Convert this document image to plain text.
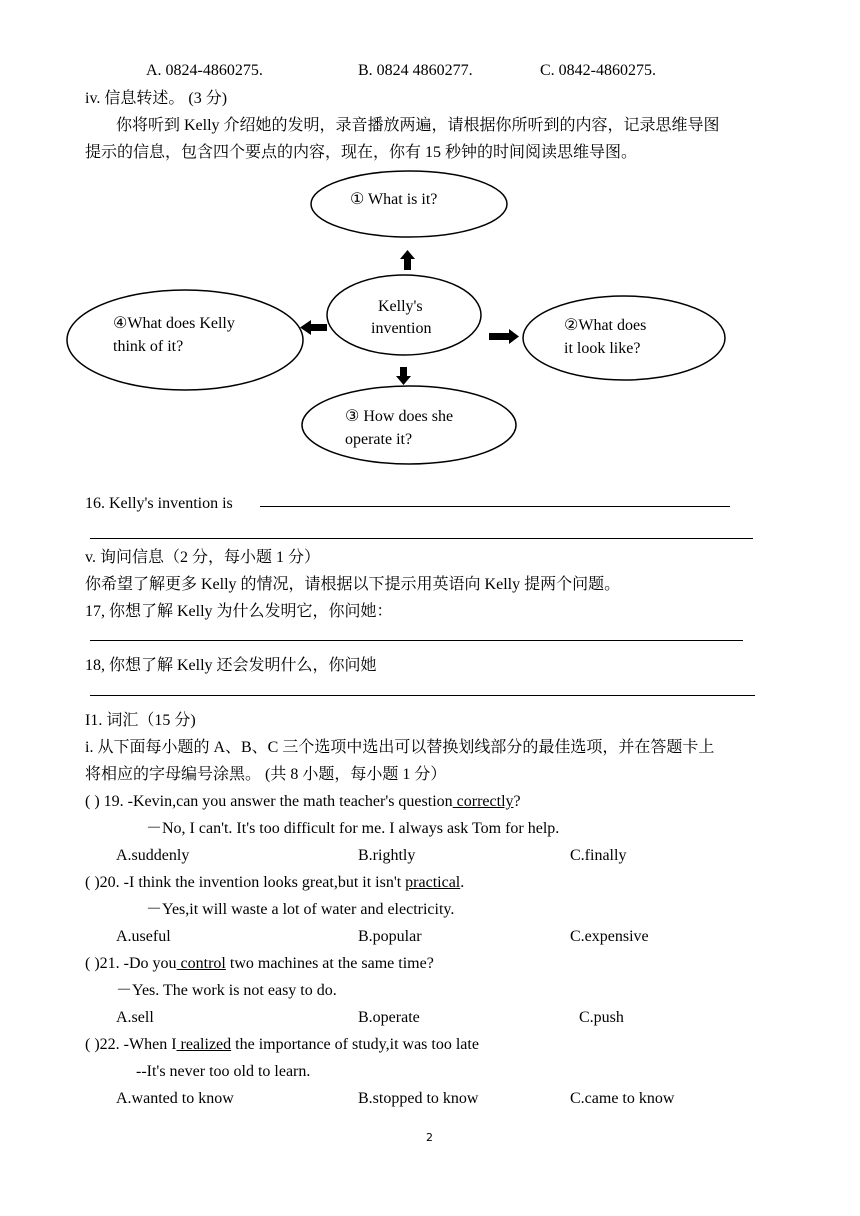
A. 0824-4860275.	B. 0824 4860277.	C. 0842-4860275.
iv. 信息转述。 (3 分)
你将听到 Kelly 介绍她的发明，录音播放两遍，请根据你所听到的内容，记录思维导图
提示的信息，包含四个要点的内容，现在，你有 15 秒钟的时间阅读思维导图。
① What is it?
Kelly's
invention
④What does Kelly
think of it?
②What does
it look like?
③ How does she
operate it?
16. Kelly's invention is
v. 询问信息（2 分，每小题 1 分）
你希望了解更多 Kelly 的情况，请根据以下提示用英语向 Kelly 提两个问题。
17, 你想了解 Kelly 为什么发明它，你问她：
18, 你想了解 Kelly 还会发明什么，你问她
I1. 词汇（15 分)
i. 从下面每小题的 A、B、C 三个选项中选出可以替换划线部分的最佳选项，并在答题卡上
将相应的字母编号涂黑。 (共 8 小题，每小题 1 分）
( ) 19. -Kevin,can you answer the math teacher's question correctly?
－No, I can't. It's too difficult for me. I always ask Tom for help.
A.suddenly	B.rightly	C.finally
( )20. -I think the invention looks great,but it isn't practical.
－Yes,it will waste a lot of water and electricity.
A.useful	B.popular	C.expensive
( )21. -Do you control two machines at the same time?
－Yes. The work is not easy to do.
A.sell	B.operate	C.push
( )22. -When I realized the importance of study,it was too late
--It's never too old to learn.
A.wanted to know	B.stopped to know	C.came to know
2
